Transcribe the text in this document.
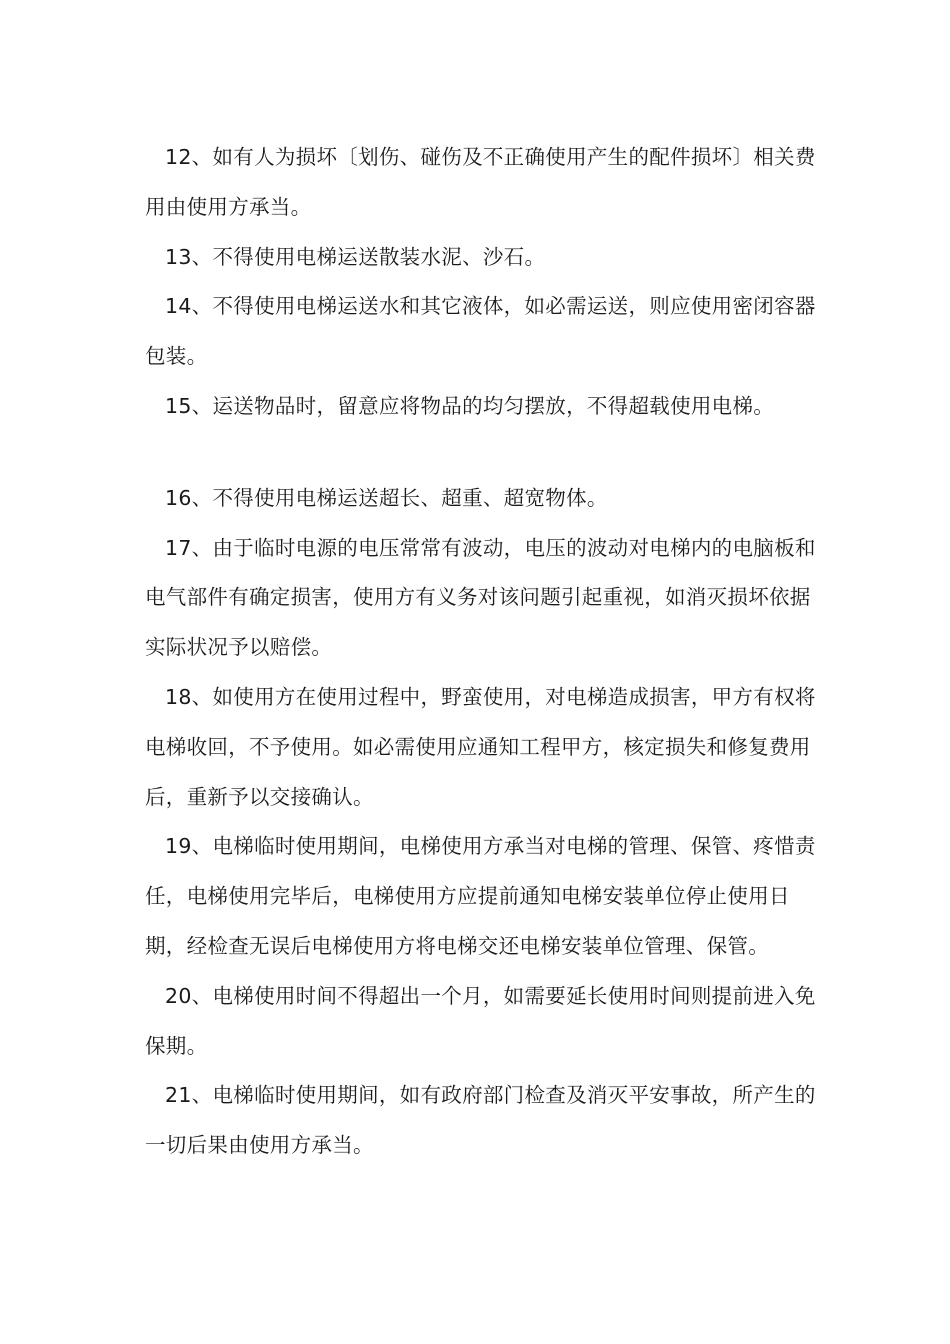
12、如有人为损坏〔划伤、碰伤及不正确使用产生的配件损坏〕相关费用由使用方承当。

13、不得使用电梯运送散装水泥、沙石。

14、不得使用电梯运送水和其它液体，如必需运送，则应使用密闭容器包装。

15、运送物品时，留意应将物品的均匀摆放，不得超载使用电梯。

16、不得使用电梯运送超长、超重、超宽物体。

17、由于临时电源的电压常常有波动，电压的波动对电梯内的电脑板和电气部件有确定损害，使用方有义务对该问题引起重视，如消灭损坏依据实际状况予以赔偿。

18、如使用方在使用过程中，野蛮使用，对电梯造成损害，甲方有权将电梯收回，不予使用。如必需使用应通知工程甲方，核定损失和修复费用后，重新予以交接确认。

19、电梯临时使用期间，电梯使用方承当对电梯的管理、保管、疼惜责任，电梯使用完毕后，电梯使用方应提前通知电梯安装单位停止使用日期，经检查无误后电梯使用方将电梯交还电梯安装单位管理、保管。

20、电梯使用时间不得超出一个月，如需要延长使用时间则提前进入免保期。

21、电梯临时使用期间，如有政府部门检查及消灭平安事故，所产生的一切后果由使用方承当。
